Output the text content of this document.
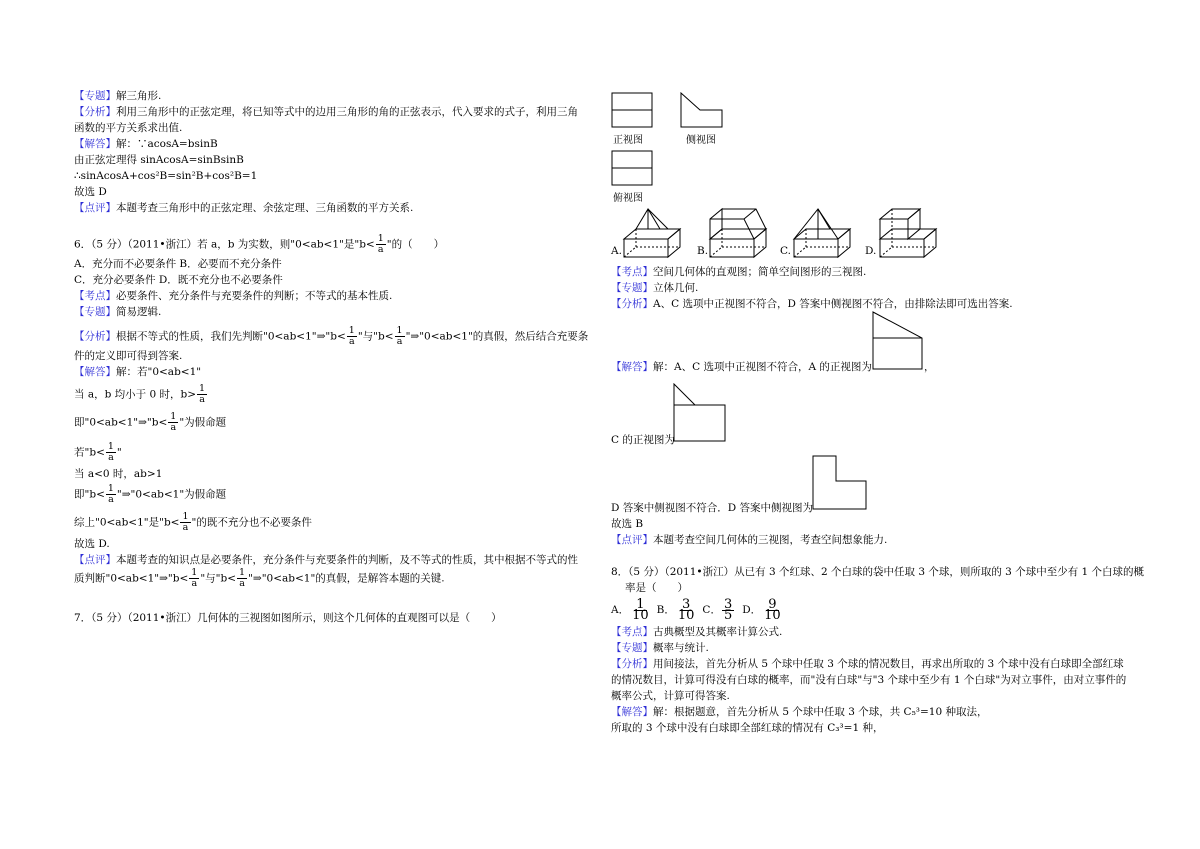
【专题】解三角形.
【分析】利用三角形中的正弦定理，将已知等式中的边用三角形的角的正弦表示，代入要求的式子，利用三角
函数的平方关系求出值.
【解答】解：∵acosA=bsinB
由正弦定理得 sinAcosA=sinBsinB
∴sinAcosA+cos²B=sin²B+cos²B=1
故选 D
【点评】本题考查三角形中的正弦定理、余弦定理、三角函数的平方关系.
6．（5 分）（2011•浙江）若 a，b 为实数，则"0<ab<1"是"$b< \frac{1}{a}$ "的（　　）
A．充分而不必要条件 B．必要而不充分条件
C．充分必要条件 D．既不充分也不必要条件
【考点】必要条件、充分条件与充要条件的判断；不等式的基本性质.
【专题】简易逻辑.
【分析】根据不等式的性质，我们先判断"0<ab<1"⇒"b< $\frac{1}{a}$ "与"$b< \frac{1}{a}$ "⇒"0<ab<1"的真假，然后结合充要条
件的定义即可得到答案.
【解答】解：若"0<ab<1"
当 a，b 均小于 0 时，$b> \frac{1}{a}$
即"0<ab<1"⇒"b< $\frac{1}{a}$ "为假命题
若"$b< \frac{1}{a}$ "
当 a<0 时，ab>1
即"$b< \frac{1}{a}$ "⇒"0<ab<1"为假命题
综上"0<ab<1"是"$b< \frac{1}{a}$ "的既不充分也不必要条件
故选 D.
【点评】本题考查的知识点是必要条件，充分条件与充要条件的判断，及不等式的性质，其中根据不等式的性
质判断"0<ab<1"⇒"b< $\frac{1}{a}$ "与"$b< \frac{1}{a}$ "⇒"0<ab<1"的真假，是解答本题的关键.
7．（5 分）（2011•浙江）几何体的三视图如图所示，则这个几何体的直观图可以是（　　）
正视图	侧视图
俯视图
A.	B.	C.	D.
【考点】空间几何体的直观图；简单空间图形的三视图.
【专题】立体几何.
【分析】A、C 选项中正视图不符合，D 答案中侧视图不符合，由排除法即可选出答案.
【解答】解：A、C 选项中正视图不符合，A 的正视图为	，
C 的正视图为
D 答案中侧视图不符合．D 答案中侧视图为
故选 B
【点评】本题考查空间几何体的三视图，考查空间想象能力.
8．（5 分）（2011•浙江）从已有 3 个红球、2 个白球的袋中任取 3 个球，则所取的 3 个球中至少有 1 个白球的概
率是（　　）
A． $\frac{1}{10}$ B． $\frac{3}{10}$ C． $\frac{3}{5}$ D． $\frac{9}{10}$
【考点】古典概型及其概率计算公式.
【专题】概率与统计.
【分析】用间接法，首先分析从 5 个球中任取 3 个球的情况数目，再求出所取的 3 个球中没有白球即全部红球
的情况数目，计算可得没有白球的概率，而"没有白球"与"3 个球中至少有 1 个白球"为对立事件，由对立事件的
概率公式，计算可得答案.
【解答】解：根据题意，首先分析从 5 个球中任取 3 个球，共 C₅³=10 种取法，
所取的 3 个球中没有白球即全部红球的情况有 C₃³=1 种，
